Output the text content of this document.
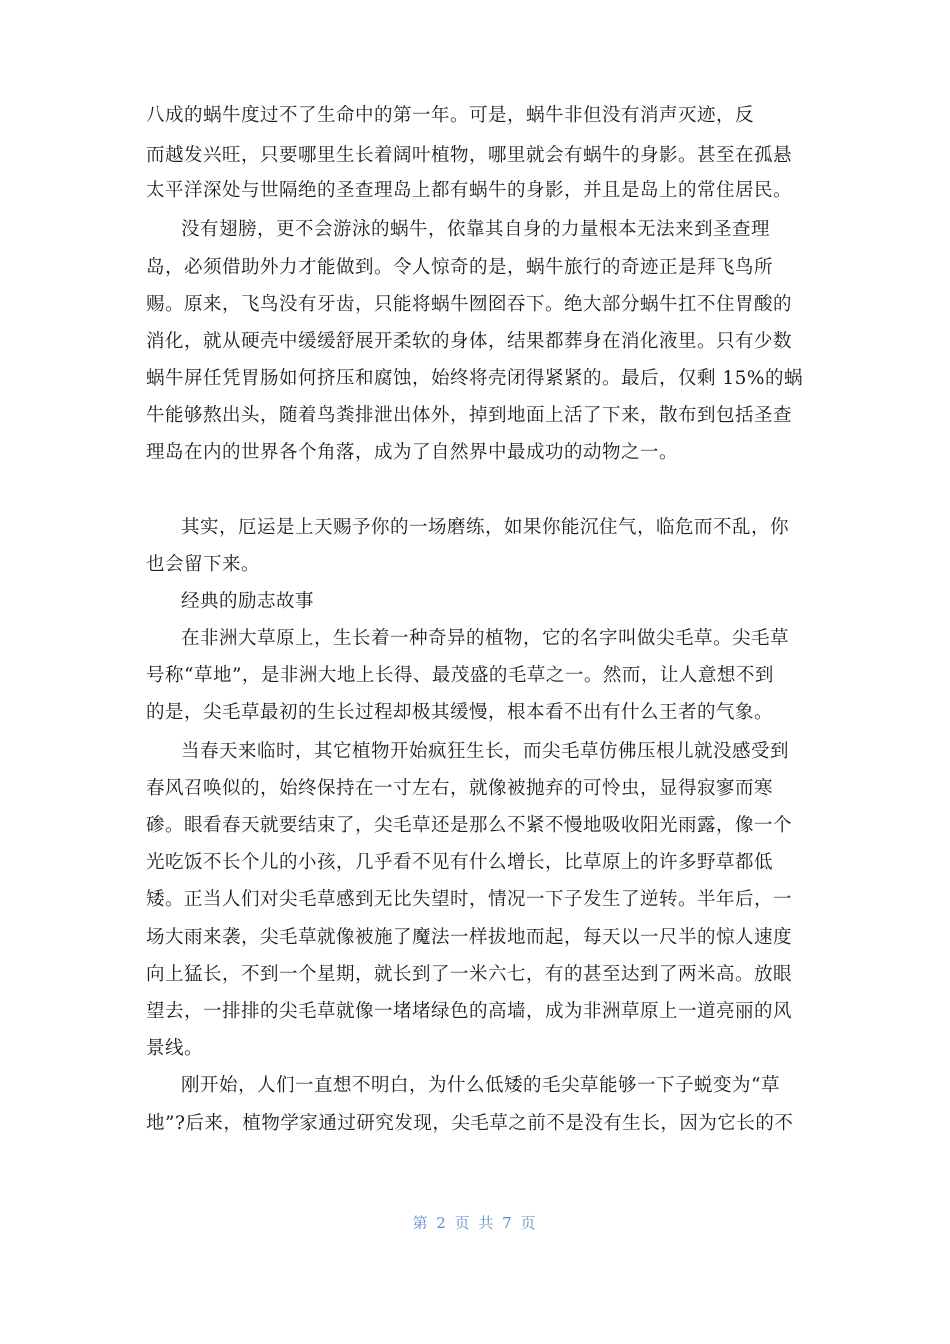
八成的蜗牛度过不了生命中的第一年。可是，蜗牛非但没有消声灭迹，反
而越发兴旺，只要哪里生长着阔叶植物，哪里就会有蜗牛的身影。甚至在孤悬
太平洋深处与世隔绝的圣查理岛上都有蜗牛的身影，并且是岛上的常住居民。
没有翅膀，更不会游泳的蜗牛，依靠其自身的力量根本无法来到圣查理
岛，必须借助外力才能做到。令人惊奇的是，蜗牛旅行的奇迹正是拜飞鸟所
赐。原来，飞鸟没有牙齿，只能将蜗牛囫囵吞下。绝大部分蜗牛扛不住胃酸的
消化，就从硬壳中缓缓舒展开柔软的身体，结果都葬身在消化液里。只有少数
蜗牛屏任凭胃肠如何挤压和腐蚀，始终将壳闭得紧紧的。最后，仅剩 15%的蜗
牛能够熬出头，随着鸟粪排泄出体外，掉到地面上活了下来，散布到包括圣查
理岛在内的世界各个角落，成为了自然界中最成功的动物之一。
其实，厄运是上天赐予你的一场磨练，如果你能沉住气，临危而不乱，你
也会留下来。
经典的励志故事
在非洲大草原上，生长着一种奇异的植物，它的名字叫做尖毛草。尖毛草
号称“草地”，是非洲大地上长得、最茂盛的毛草之一。然而，让人意想不到
的是，尖毛草最初的生长过程却极其缓慢，根本看不出有什么王者的气象。
当春天来临时，其它植物开始疯狂生长，而尖毛草仿佛压根儿就没感受到
春风召唤似的，始终保持在一寸左右，就像被抛弃的可怜虫，显得寂寥而寒
碜。眼看春天就要结束了，尖毛草还是那么不紧不慢地吸收阳光雨露，像一个
光吃饭不长个儿的小孩，几乎看不见有什么增长，比草原上的许多野草都低
矮。正当人们对尖毛草感到无比失望时，情况一下子发生了逆转。半年后，一
场大雨来袭，尖毛草就像被施了魔法一样拔地而起，每天以一尺半的惊人速度
向上猛长，不到一个星期，就长到了一米六七，有的甚至达到了两米高。放眼
望去，一排排的尖毛草就像一堵堵绿色的高墙，成为非洲草原上一道亮丽的风
景线。
刚开始，人们一直想不明白，为什么低矮的毛尖草能够一下子蜕变为“草
地”?后来，植物学家通过研究发现，尖毛草之前不是没有生长，因为它长的不
第 2 页 共 7 页
